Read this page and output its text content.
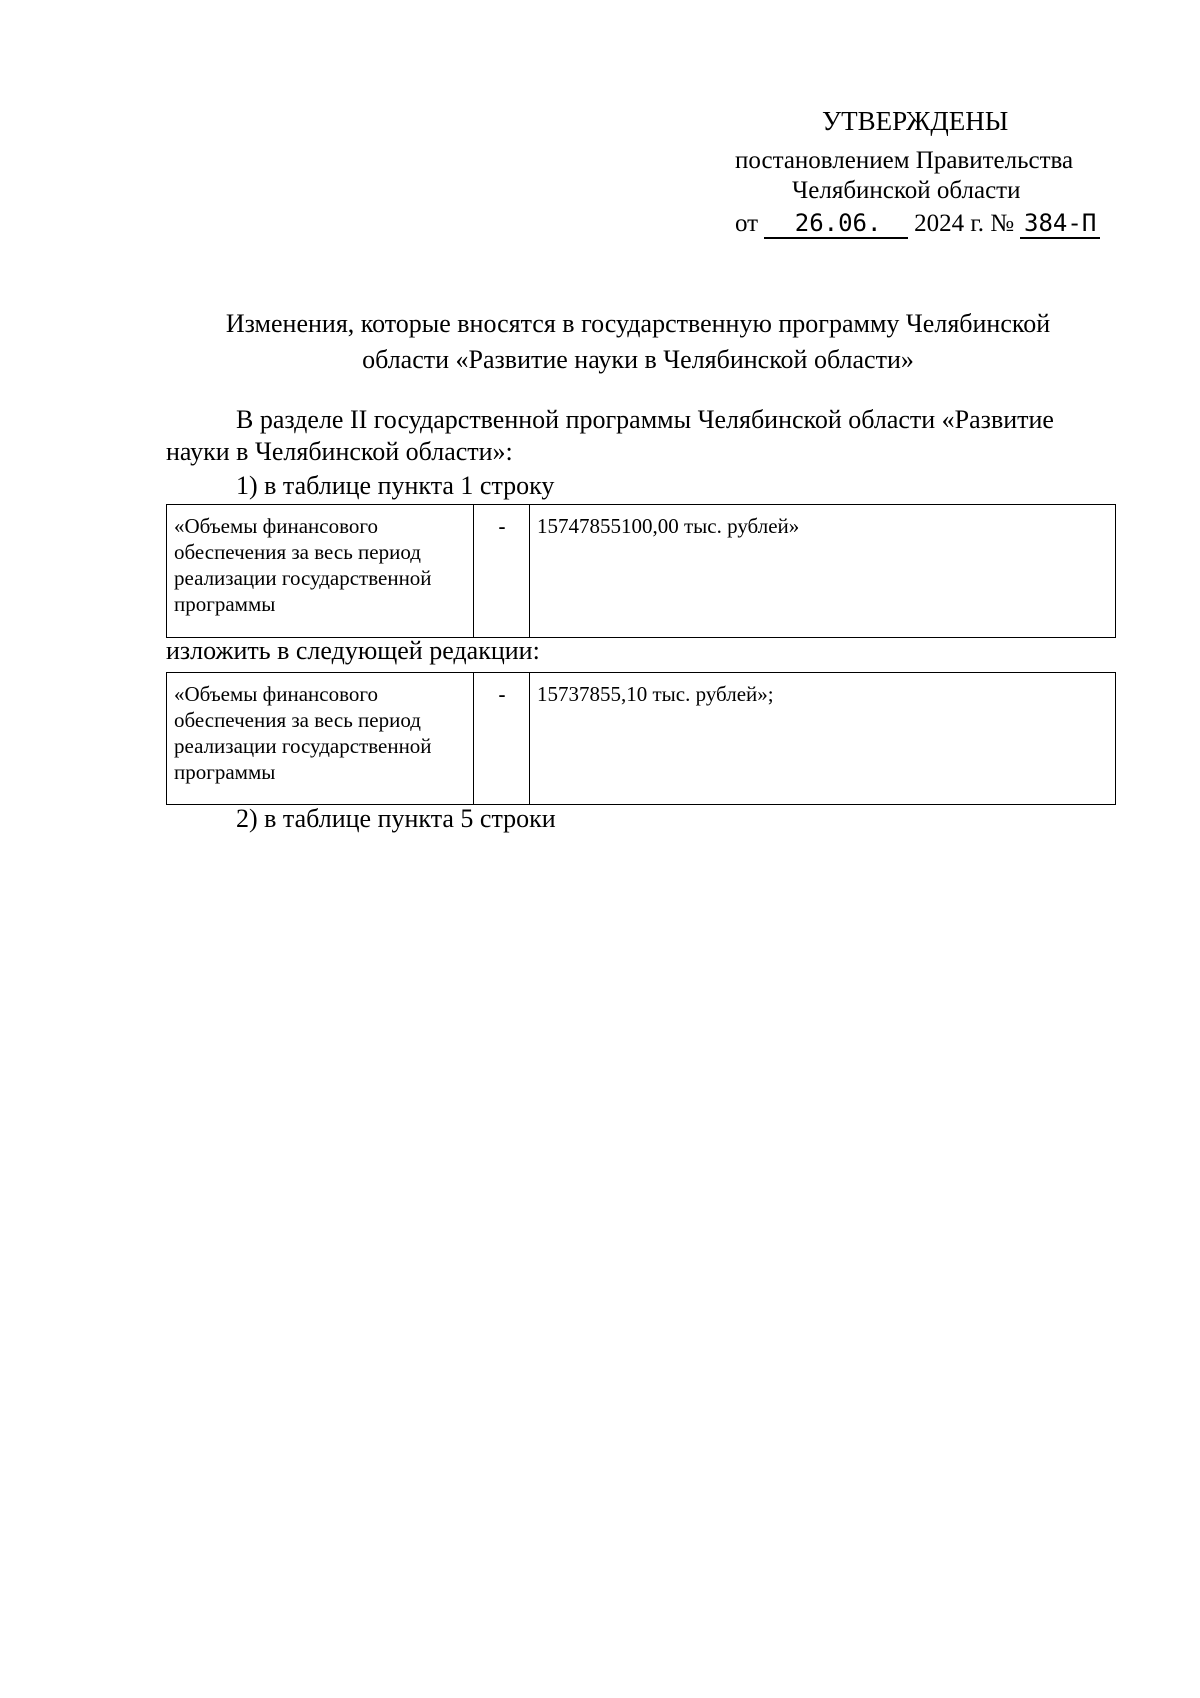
УТВЕРЖДЕНЫ
постановлением Правительства
Челябинской области
от	26.06.	2024 г. № 384-П
Изменения, которые вносятся в государственную программу Челябинской
области «Развитие науки в Челябинской области»
В разделе II государственной программы Челябинской области «Развитие
науки в Челябинской области»:
1) в таблице пункта 1 строку
«Объемы финансового обеспечения за весь период реализации государственной программы	-	15747855100,00 тыс. рублей»
изложить в следующей редакции:
«Объемы финансового обеспечения за весь период реализации государственной программы	-	15737855,10 тыс. рублей»;
2) в таблице пункта 5 строки
